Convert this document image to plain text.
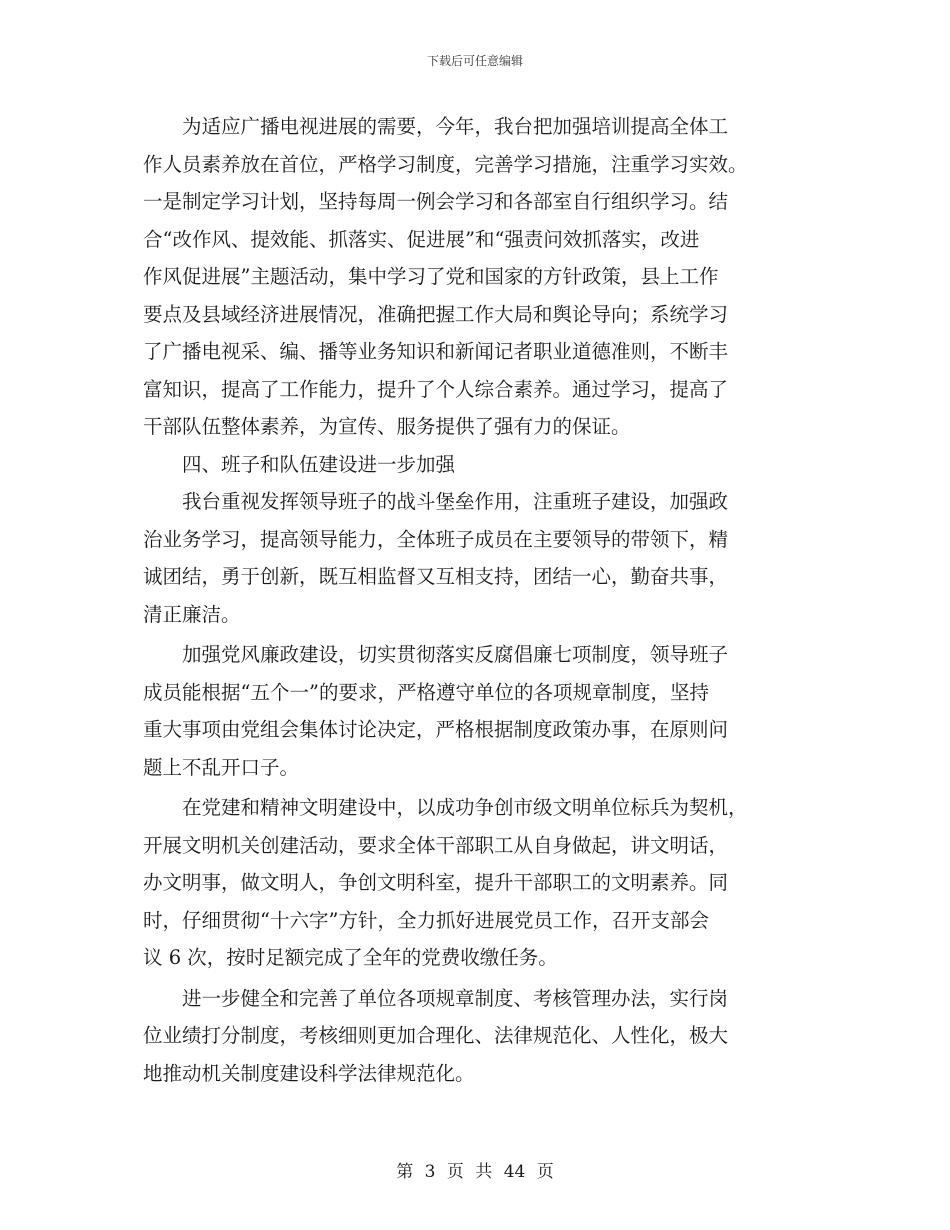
下载后可任意编辑
　　为适应广播电视进展的需要，今年，我台把加强培训提高全体工
作人员素养放在首位，严格学习制度，完善学习措施，注重学习实效。
一是制定学习计划，坚持每周一例会学习和各部室自行组织学习。结
合“改作风、提效能、抓落实、促进展”和“强责问效抓落实，改进
作风促进展”主题活动，集中学习了党和国家的方针政策，县上工作
要点及县域经济进展情况，准确把握工作大局和舆论导向；系统学习
了广播电视采、编、播等业务知识和新闻记者职业道德准则，不断丰
富知识，提高了工作能力，提升了个人综合素养。通过学习，提高了
干部队伍整体素养，为宣传、服务提供了强有力的保证。
　　四、班子和队伍建设进一步加强
　　我台重视发挥领导班子的战斗堡垒作用，注重班子建设，加强政
治业务学习，提高领导能力，全体班子成员在主要领导的带领下，精
诚团结，勇于创新，既互相监督又互相支持，团结一心，勤奋共事，
清正廉洁。
　　加强党风廉政建设，切实贯彻落实反腐倡廉七项制度，领导班子
成员能根据“五个一”的要求，严格遵守单位的各项规章制度，坚持
重大事项由党组会集体讨论决定，严格根据制度政策办事，在原则问
题上不乱开口子。
　　在党建和精神文明建设中，以成功争创市级文明单位标兵为契机，
开展文明机关创建活动，要求全体干部职工从自身做起，讲文明话，
办文明事，做文明人，争创文明科室，提升干部职工的文明素养。同
时，仔细贯彻“十六字”方针，全力抓好进展党员工作，召开支部会
议 6 次，按时足额完成了全年的党费收缴任务。
　　进一步健全和完善了单位各项规章制度、考核管理办法，实行岗
位业绩打分制度，考核细则更加合理化、法律规范化、人性化，极大
地推动机关制度建设科学法律规范化。
第 3 页 共 44 页
